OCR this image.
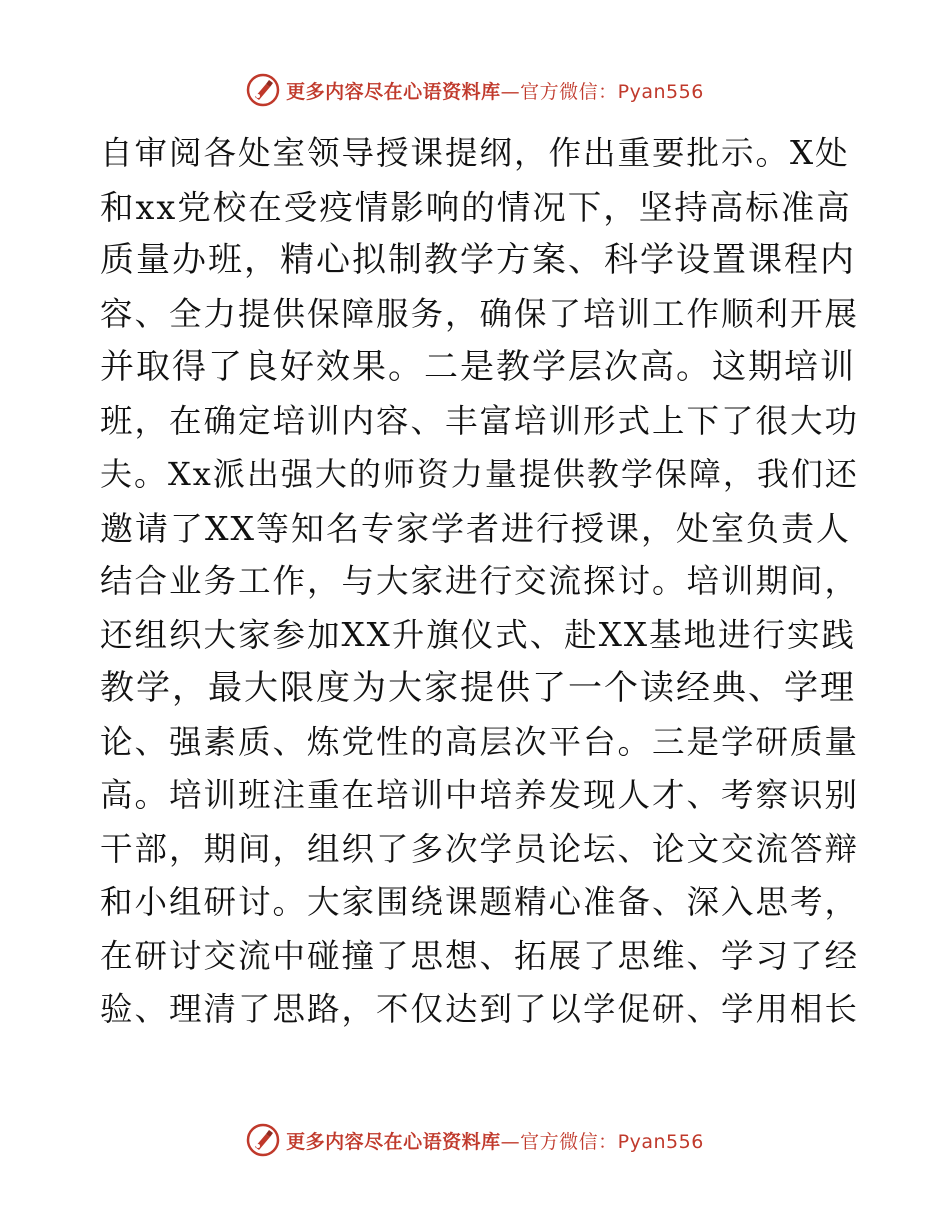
更多内容尽在心语资料库—官方微信：Pyan556
自审阅各处室领导授课提纲，作出重要批示。X处
和xx党校在受疫情影响的情况下，坚持高标准高
质量办班，精心拟制教学方案、科学设置课程内
容、全力提供保障服务，确保了培训工作顺利开展
并取得了良好效果。二是教学层次高。这期培训
班，在确定培训内容、丰富培训形式上下了很大功
夫。Xx派出强大的师资力量提供教学保障，我们还
邀请了XX等知名专家学者进行授课，处室负责人
结合业务工作，与大家进行交流探讨。培训期间，
还组织大家参加XX升旗仪式、赴XX基地进行实践
教学，最大限度为大家提供了一个读经典、学理
论、强素质、炼党性的高层次平台。三是学研质量
高。培训班注重在培训中培养发现人才、考察识别
干部，期间，组织了多次学员论坛、论文交流答辩
和小组研讨。大家围绕课题精心准备、深入思考，
在研讨交流中碰撞了思想、拓展了思维、学习了经
验、理清了思路，不仅达到了以学促研、学用相长
更多内容尽在心语资料库—官方微信：Pyan556
